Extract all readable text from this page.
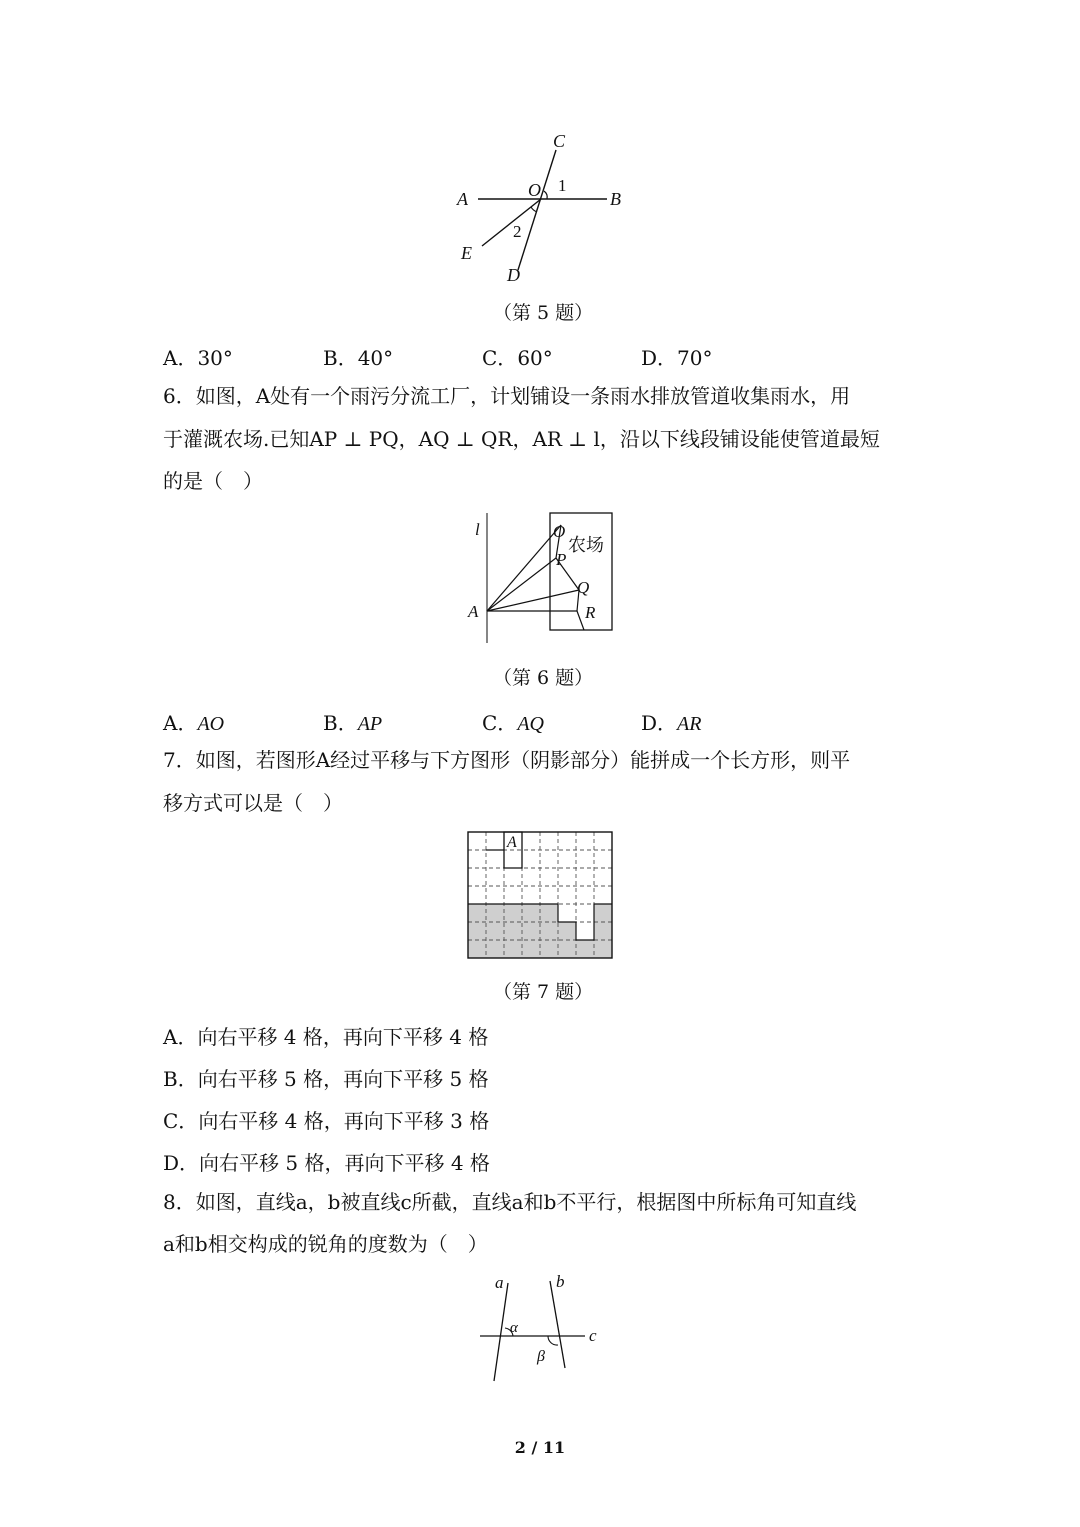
C
O 1
A	B
2
E
D
（第 5 题）
A．30°	B．40°	C．60°	D．70°
6．如图，A处有一个雨污分流工厂，计划铺设一条雨水排放管道收集雨水，用
于灌溉农场.已知AP ⊥ PQ，AQ ⊥ QR，AR ⊥ l，沿以下线段铺设能使管道最短
的是（　）
l	O
农场
P
Q
A	R
（第 6 题）
A．AO	B．AP	C．AQ	D．AR
7．如图，若图形A经过平移与下方图形（阴影部分）能拼成一个长方形，则平
移方式可以是（　）
A
（第 7 题）
A．向右平移 4 格，再向下平移 4 格
B．向右平移 5 格，再向下平移 5 格
C．向右平移 4 格，再向下平移 3 格
D．向右平移 5 格，再向下平移 4 格
8．如图，直线a，b被直线c所截，直线a和b不平行，根据图中所标角可知直线
a和b相交构成的锐角的度数为（　）
a	b
α	c
β
2 / 11
